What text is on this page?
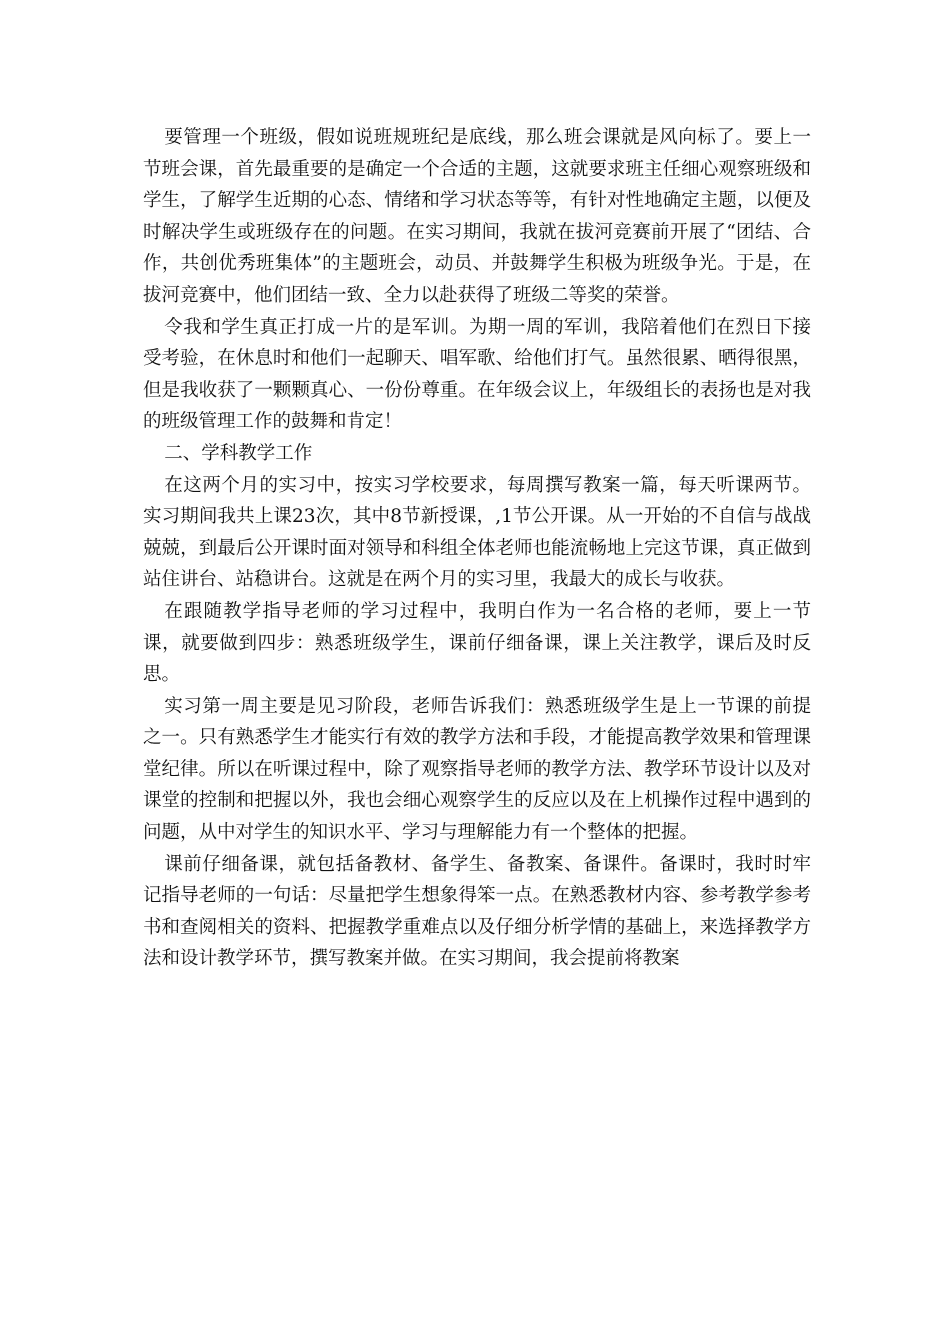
要管理一个班级，假如说班规班纪是底线，那么班会课就是风向标了。要上一节班会课，首先最重要的是确定一个合适的主题，这就要求班主任细心观察班级和学生，了解学生近期的心态、情绪和学习状态等等，有针对性地确定主题，以便及时解决学生或班级存在的问题。在实习期间，我就在拔河竞赛前开展了“团结、合作，共创优秀班集体”的主题班会，动员、并鼓舞学生积极为班级争光。于是，在拔河竞赛中，他们团结一致、全力以赴获得了班级二等奖的荣誉。

令我和学生真正打成一片的是军训。为期一周的军训，我陪着他们在烈日下接受考验，在休息时和他们一起聊天、唱军歌、给他们打气。虽然很累、晒得很黑，但是我收获了一颗颗真心、一份份尊重。在年级会议上，年级组长的表扬也是对我的班级管理工作的鼓舞和肯定！

二、学科教学工作

在这两个月的实习中，按实习学校要求，每周撰写教案一篇，每天听课两节。实习期间我共上课23次，其中8节新授课，,1节公开课。从一开始的不自信与战战兢兢，到最后公开课时面对领导和科组全体老师也能流畅地上完这节课，真正做到站住讲台、站稳讲台。这就是在两个月的实习里，我最大的成长与收获。

在跟随教学指导老师的学习过程中，我明白作为一名合格的老师，要上一节课，就要做到四步：熟悉班级学生，课前仔细备课，课上关注教学，课后及时反思。

实习第一周主要是见习阶段，老师告诉我们：熟悉班级学生是上一节课的前提之一。只有熟悉学生才能实行有效的教学方法和手段，才能提高教学效果和管理课堂纪律。所以在听课过程中，除了观察指导老师的教学方法、教学环节设计以及对课堂的控制和把握以外，我也会细心观察学生的反应以及在上机操作过程中遇到的问题，从中对学生的知识水平、学习与理解能力有一个整体的把握。

课前仔细备课，就包括备教材、备学生、备教案、备课件。备课时，我时时牢记指导老师的一句话：尽量把学生想象得笨一点。在熟悉教材内容、参考教学参考书和查阅相关的资料、把握教学重难点以及仔细分析学情的基础上，来选择教学方法和设计教学环节，撰写教案并做。在实习期间，我会提前将教案
